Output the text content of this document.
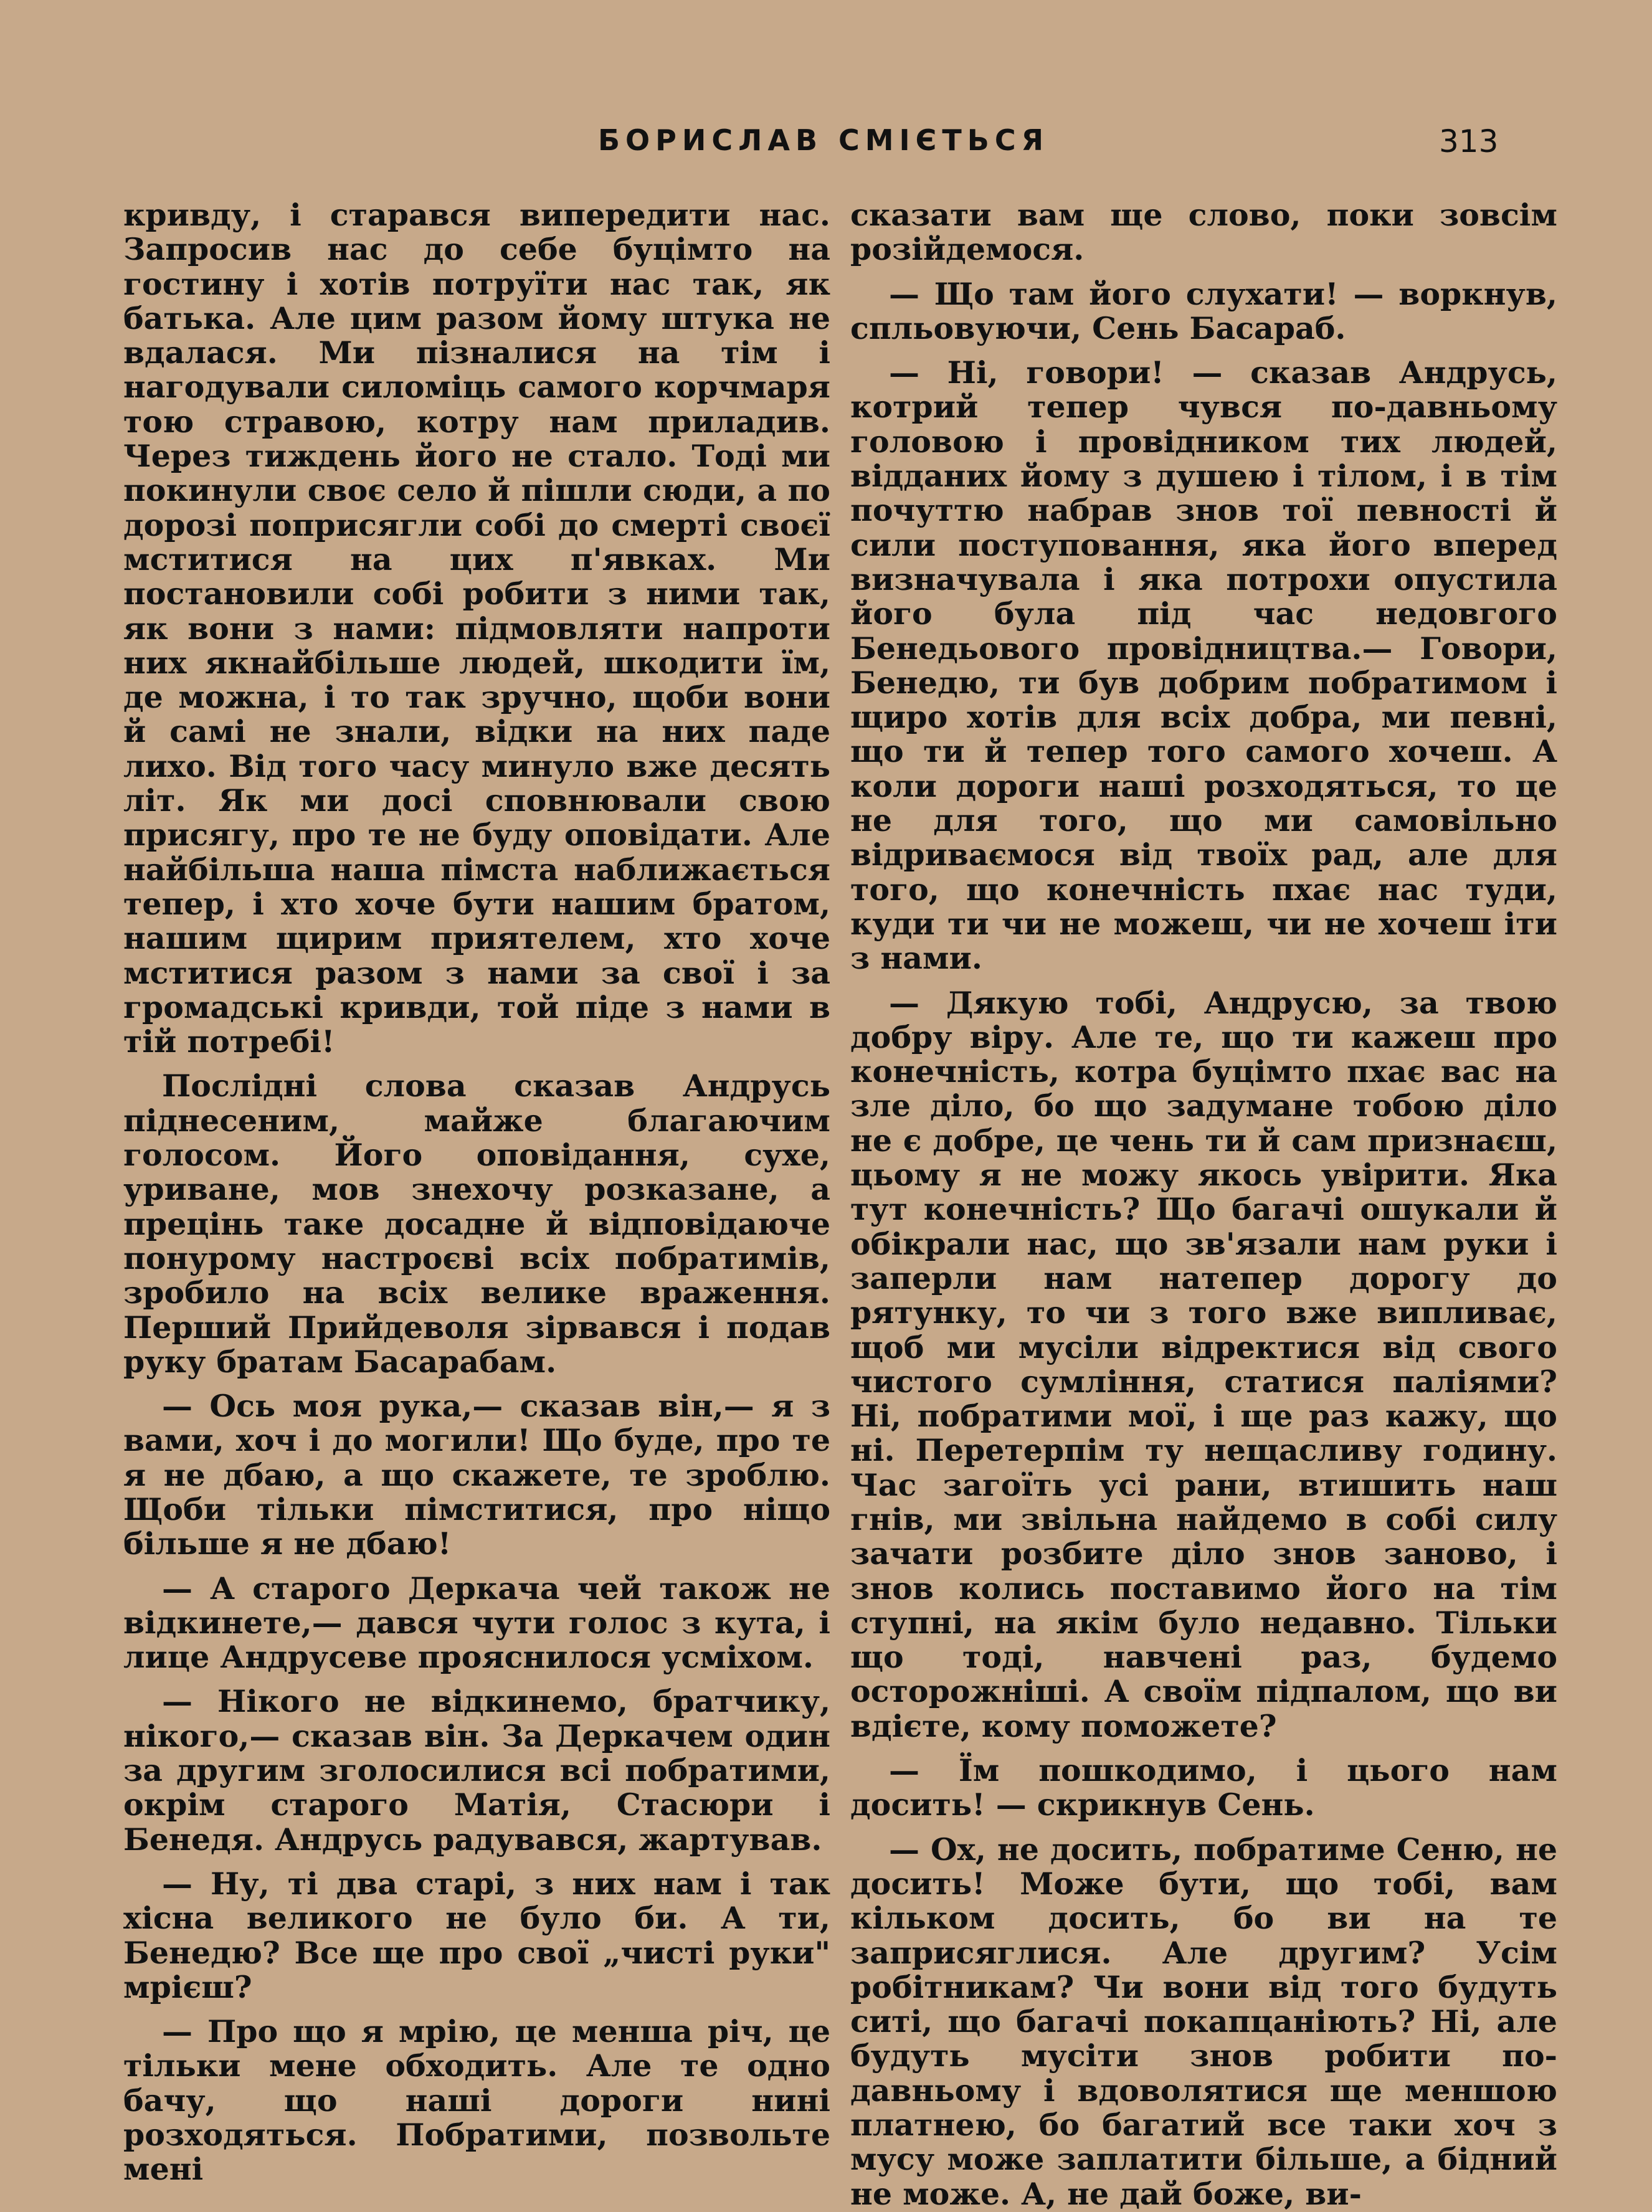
БОРИСЛАВ СМІЄТЬСЯ	313

кривду, і старався випередити нас. Запросив нас до себе буцімто на гостину і хотів потруїти нас так, як батька. Але цим разом йому штука не вдалася. Ми пізналися на тім і нагодували силоміць самого корчмаря тою стравою, котру нам приладив. Через тиждень його не стало. Тоді ми покинули своє село й пішли сюди, а по дорозі поприсягли собі до смерті своєї мститися на цих п'явках. Ми постановили собі робити з ними так, як вони з нами: підмовляти напроти них якнайбільше людей, шкодити їм, де можна, і то так зручно, щоби вони й самі не знали, відки на них паде лихо. Від того часу минуло вже десять літ. Як ми досі сповнювали свою присягу, про те не буду оповідати. Але найбільша наша пімста наближається тепер, і хто хоче бути нашим братом, нашим щирим приятелем, хто хоче мститися разом з нами за свої і за громадські кривди, той піде з нами в тій потребі!

Послідні слова сказав Андрусь піднесеним, майже благаючим голосом. Його оповідання, сухе, уриване, мов знехочу розказане, а прецінь таке досадне й відповідаюче понурому настроєві всіх побратимів, зробило на всіх велике враження. Перший Прийдеволя зірвався і подав руку братам Басарабам.

— Ось моя рука,— сказав він,— я з вами, хоч і до могили! Що буде, про те я не дбаю, а що скажете, те зроблю. Щоби тільки пімститися, про ніщо більше я не дбаю!

— А старого Деркача чей також не відкинете,— дався чути голос з кута, і лице Андрусеве прояснилося усміхом.

— Нікого не відкинемо, братчику, нікого,— сказав він. За Деркачем один за другим зголосилися всі побратими, окрім старого Матія, Стасюри і Бенедя. Андрусь радувався, жартував.

— Ну, ті два старі, з них нам і так хісна великого не було би. А ти, Бенедю? Все ще про свої „чисті руки" мрієш?

— Про що я мрію, це менша річ, це тільки мене обходить. Але те одно бачу, що наші дороги нині розходяться. Побратими, позвольте мені

сказати вам ще слово, поки зовсім розійдемося.

— Що там його слухати! — воркнув, спльовуючи, Сень Басараб.

— Ні, говори! — сказав Андрусь, котрий тепер чувся по-давньому головою і провідником тих людей, відданих йому з душею і тілом, і в тім почуттю набрав знов тої певності й сили поступовання, яка його вперед визначувала і яка потрохи опустила його була під час недовгого Бенедьового провідництва.— Говори, Бенедю, ти був добрим побратимом і щиро хотів для всіх добра, ми певні, що ти й тепер того самого хочеш. А коли дороги наші розходяться, то це не для того, що ми самовільно відриваємося від твоїх рад, але для того, що конечність пхає нас туди, куди ти чи не можеш, чи не хочеш іти з нами.

— Дякую тобі, Андрусю, за твою добру віру. Але те, що ти кажеш про конечність, котра буцімто пхає вас на зле діло, бо що задумане тобою діло не є добре, це чень ти й сам признаєш, цьому я не можу якось увірити. Яка тут конечність? Що багачі ошукали й обікрали нас, що зв'язали нам руки і заперли нам натепер дорогу до рятунку, то чи з того вже випливає, щоб ми мусіли відректися від свого чистого сумління, статися паліями? Ні, побратими мої, і ще раз кажу, що ні. Перетерпім ту нещасливу годину. Час загоїть усі рани, втишить наш гнів, ми звільна найдемо в собі силу зачати розбите діло знов заново, і знов колись поставимо його на тім ступні, на якім було недавно. Тільки що тоді, навчені раз, будемо осторожніші. А своїм підпалом, що ви вдієте, кому поможете?

— Їм пошкодимо, і цього нам досить! — скрикнув Сень.

— Ох, не досить, побратиме Сеню, не досить! Може бути, що тобі, вам кільком досить, бо ви на те заприсяглися. Але другим? Усім робітникам? Чи вони від того будуть ситі, що багачі покапцанiють? Ні, але будуть мусіти знов робити по-давньому і вдоволятися ще меншою платнею, бо багатий все таки хоч з мусу може заплатити більше, а бідний не може. А, не дай боже, ви-
